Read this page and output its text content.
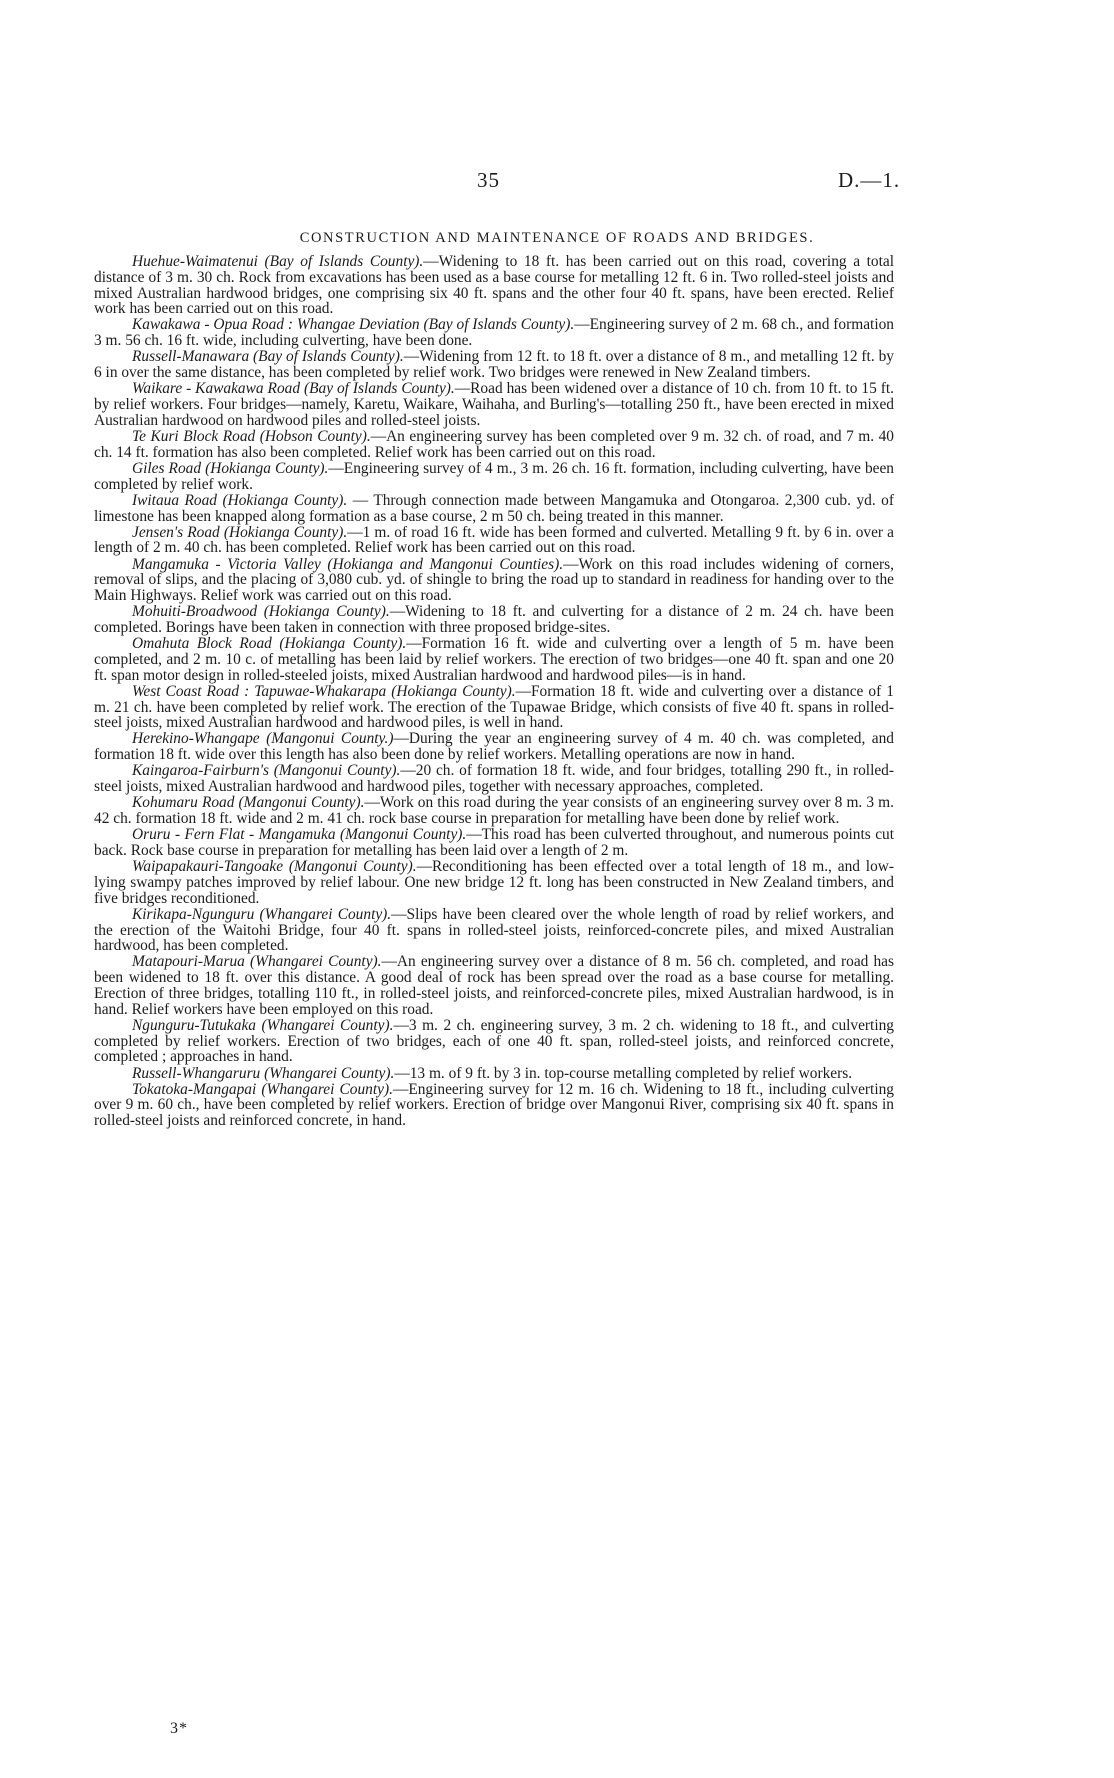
35	D.—1.
CONSTRUCTION AND MAINTENANCE OF ROADS AND BRIDGES.

Huehue-Waimatenui (Bay of Islands County).—Widening to 18 ft. has been carried out on this road, covering a total distance of 3 m. 30 ch. Rock from excavations has been used as a base course for metalling 12 ft. 6 in. Two rolled-steel joists and mixed Australian hardwood bridges, one comprising six 40 ft. spans and the other four 40 ft. spans, have been erected. Relief work has been carried out on this road.

Kawakawa - Opua Road : Whangae Deviation (Bay of Islands County).—Engineering survey of 2 m. 68 ch., and formation 3 m. 56 ch. 16 ft. wide, including culverting, have been done.

Russell-Manawara (Bay of Islands County).—Widening from 12 ft. to 18 ft. over a distance of 8 m., and metalling 12 ft. by 6 in over the same distance, has been completed by relief work. Two bridges were renewed in New Zealand timbers.

Waikare - Kawakawa Road (Bay of Islands County).—Road has been widened over a distance of 10 ch. from 10 ft. to 15 ft. by relief workers. Four bridges—namely, Karetu, Waikare, Waihaha, and Burling's—totalling 250 ft., have been erected in mixed Australian hardwood on hardwood piles and rolled-steel joists.

Te Kuri Block Road (Hobson County).—An engineering survey has been completed over 9 m. 32 ch. of road, and 7 m. 40 ch. 14 ft. formation has also been completed. Relief work has been carried out on this road.

Giles Road (Hokianga County).—Engineering survey of 4 m., 3 m. 26 ch. 16 ft. formation, including culverting, have been completed by relief work.

Iwitaua Road (Hokianga County). — Through connection made between Mangamuka and Otongaroa. 2,300 cub. yd. of limestone has been knapped along formation as a base course, 2 m 50 ch. being treated in this manner.

Jensen's Road (Hokianga County).—1 m. of road 16 ft. wide has been formed and culverted. Metalling 9 ft. by 6 in. over a length of 2 m. 40 ch. has been completed. Relief work has been carried out on this road.

Mangamuka - Victoria Valley (Hokianga and Mangonui Counties).—Work on this road includes widening of corners, removal of slips, and the placing of 3,080 cub. yd. of shingle to bring the road up to standard in readiness for handing over to the Main Highways. Relief work was carried out on this road.

Mohuiti-Broadwood (Hokianga County).—Widening to 18 ft. and culverting for a distance of 2 m. 24 ch. have been completed. Borings have been taken in connection with three proposed bridge-sites.

Omahuta Block Road (Hokianga County).—Formation 16 ft. wide and culverting over a length of 5 m. have been completed, and 2 m. 10 c. of metalling has been laid by relief workers. The erection of two bridges—one 40 ft. span and one 20 ft. span motor design in rolled-steeled joists, mixed Australian hardwood and hardwood piles—is in hand.

West Coast Road : Tapuwae-Whakarapa (Hokianga County).—Formation 18 ft. wide and culverting over a distance of 1 m. 21 ch. have been completed by relief work. The erection of the Tupawae Bridge, which consists of five 40 ft. spans in rolled-steel joists, mixed Australian hardwood and hardwood piles, is well in hand.

Herekino-Whangape (Mangonui County.)—During the year an engineering survey of 4 m. 40 ch. was completed, and formation 18 ft. wide over this length has also been done by relief workers. Metalling operations are now in hand.

Kaingaroa-Fairburn's (Mangonui County).—20 ch. of formation 18 ft. wide, and four bridges, totalling 290 ft., in rolled-steel joists, mixed Australian hardwood and hardwood piles, together with necessary approaches, completed.

Kohumaru Road (Mangonui County).—Work on this road during the year consists of an engineering survey over 8 m. 3 m. 42 ch. formation 18 ft. wide and 2 m. 41 ch. rock base course in preparation for metalling have been done by relief work.

Oruru - Fern Flat - Mangamuka (Mangonui County).—This road has been culverted throughout, and numerous points cut back. Rock base course in preparation for metalling has been laid over a length of 2 m.

Waipapakauri-Tangoake (Mangonui County).—Reconditioning has been effected over a total length of 18 m., and low-lying swampy patches improved by relief labour. One new bridge 12 ft. long has been constructed in New Zealand timbers, and five bridges reconditioned.

Kirikapa-Ngunguru (Whangarei County).—Slips have been cleared over the whole length of road by relief workers, and the erection of the Waitohi Bridge, four 40 ft. spans in rolled-steel joists, reinforced-concrete piles, and mixed Australian hardwood, has been completed.

Matapouri-Marua (Whangarei County).—An engineering survey over a distance of 8 m. 56 ch. completed, and road has been widened to 18 ft. over this distance. A good deal of rock has been spread over the road as a base course for metalling. Erection of three bridges, totalling 110 ft., in rolled-steel joists, and reinforced-concrete piles, mixed Australian hardwood, is in hand. Relief workers have been employed on this road.

Ngunguru-Tutukaka (Whangarei County).—3 m. 2 ch. engineering survey, 3 m. 2 ch. widening to 18 ft., and culverting completed by relief workers. Erection of two bridges, each of one 40 ft. span, rolled-steel joists, and reinforced concrete, completed ; approaches in hand.

Russell-Whangaruru (Whangarei County).—13 m. of 9 ft. by 3 in. top-course metalling completed by relief workers.

Tokatoka-Mangapai (Whangarei County).—Engineering survey for 12 m. 16 ch. Widening to 18 ft., including culverting over 9 m. 60 ch., have been completed by relief workers. Erection of bridge over Mangonui River, comprising six 40 ft. spans in rolled-steel joists and reinforced concrete, in hand.

3*
